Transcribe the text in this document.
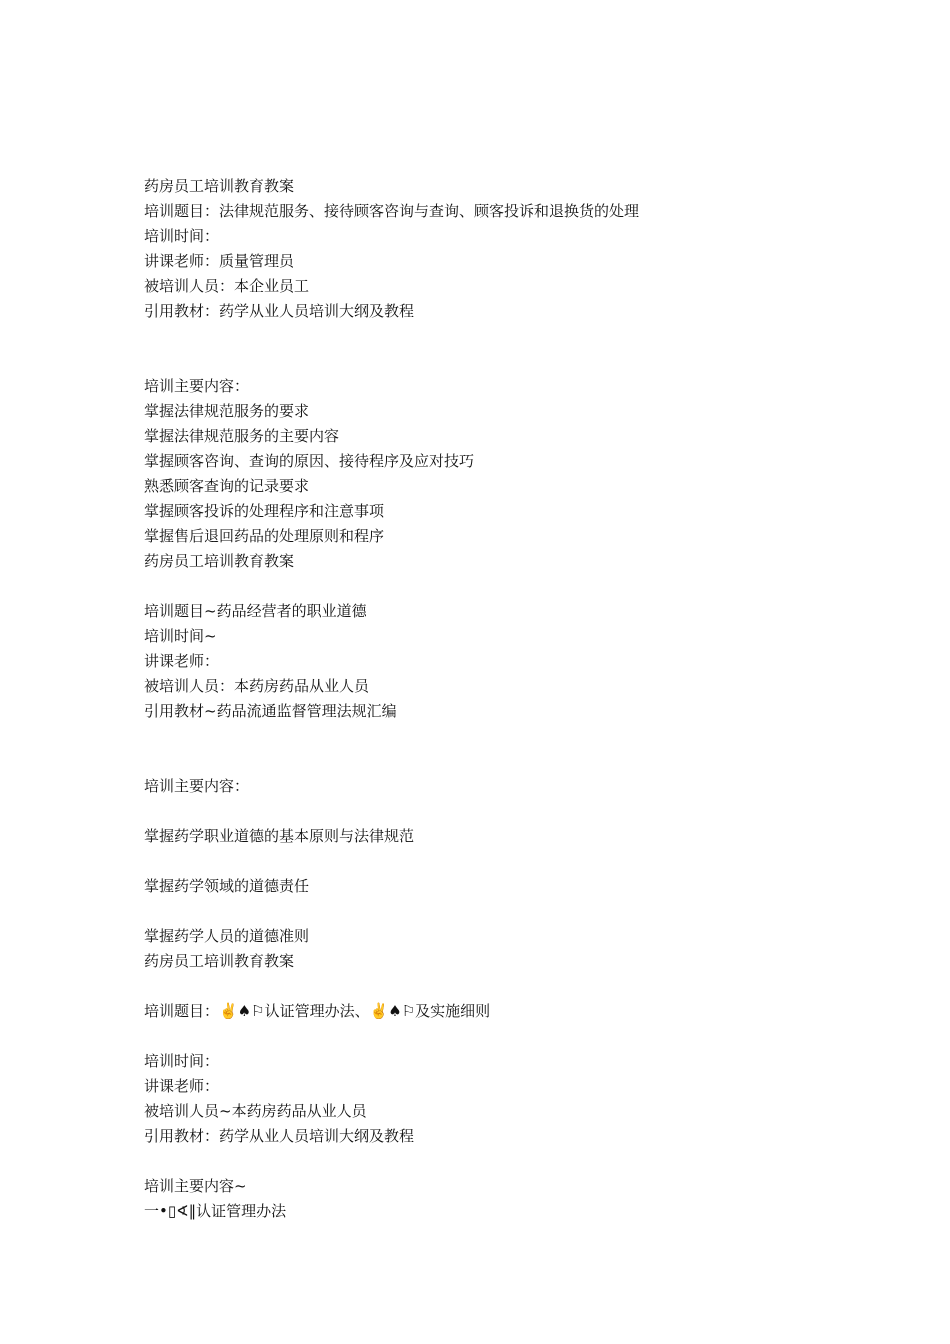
药房员工培训教育教案
培训题目：法律规范服务、接待顾客咨询与查询、顾客投诉和退换货的处理
培训时间：
讲课老师：质量管理员
被培训人员：本企业员工
引用教材：药学从业人员培训大纲及教程
培训主要内容：
掌握法律规范服务的要求
掌握法律规范服务的主要内容
掌握顾客咨询、查询的原因、接待程序及应对技巧
熟悉顾客查询的记录要求
掌握顾客投诉的处理程序和注意事项
掌握售后退回药品的处理原则和程序
药房员工培训教育教案
培训题目~药品经营者的职业道德
培训时间~
讲课老师：
被培训人员：本药房药品从业人员
引用教材~药品流通监督管理法规汇编
培训主要内容：
掌握药学职业道德的基本原则与法律规范
掌握药学领域的道德责任
掌握药学人员的道德准则
药房员工培训教育教案
培训题目：✌♠⚐认证管理办法、✌♠⚐及实施细则
培训时间：
讲课老师：
被培训人员~本药房药品从业人员
引用教材：药学从业人员培训大纲及教程
培训主要内容~
一•▯∢‖认证管理办法
